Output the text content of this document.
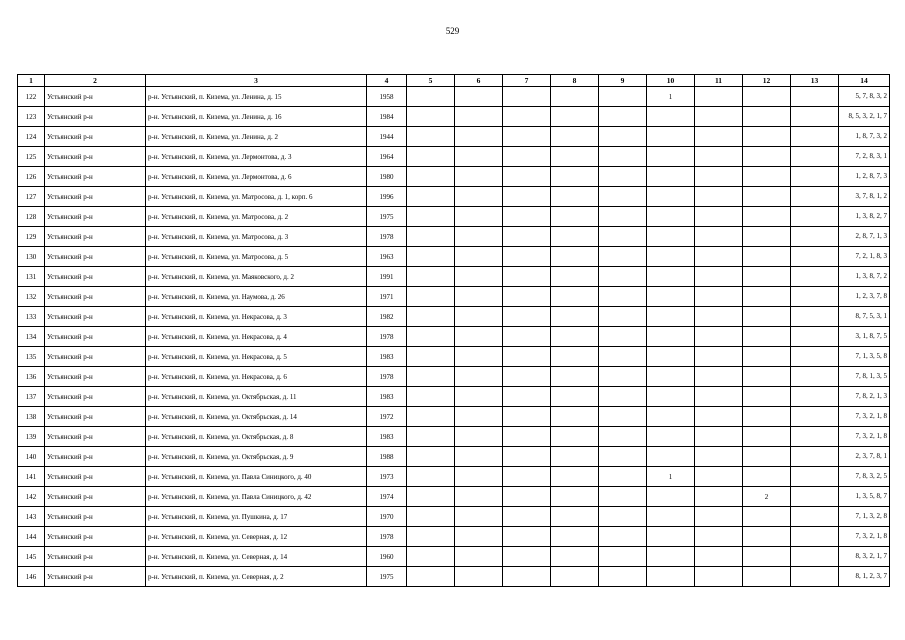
529
1	2	3	4	5	6	7	8	9	10	11	12	13	14
122	Устьянский р-н	р-н. Устьянский, п. Кизема, ул. Ленина, д. 15	1958						1				5, 7, 8, 3, 2
123	Устьянский р-н	р-н. Устьянский, п. Кизема, ул. Ленина, д. 16	1984										8, 5, 3, 2, 1, 7
124	Устьянский р-н	р-н. Устьянский, п. Кизема, ул. Ленина, д. 2	1944										1, 8, 7, 3, 2
125	Устьянский р-н	р-н. Устьянский, п. Кизема, ул. Лермонтова, д. 3	1964										7, 2, 8, 3, 1
126	Устьянский р-н	р-н. Устьянский, п. Кизема, ул. Лермонтова, д. 6	1980										1, 2, 8, 7, 3
127	Устьянский р-н	р-н. Устьянский, п. Кизема, ул. Матросова, д. 1, корп. 6	1996										3, 7, 8, 1, 2
128	Устьянский р-н	р-н. Устьянский, п. Кизема, ул. Матросова, д. 2	1975										1, 3, 8, 2, 7
129	Устьянский р-н	р-н. Устьянский, п. Кизема, ул. Матросова, д. 3	1978										2, 8, 7, 1, 3
130	Устьянский р-н	р-н. Устьянский, п. Кизема, ул. Матросова, д. 5	1963										7, 2, 1, 8, 3
131	Устьянский р-н	р-н. Устьянский, п. Кизема, ул. Маяковского, д. 2	1991										1, 3, 8, 7, 2
132	Устьянский р-н	р-н. Устьянский, п. Кизема, ул. Наумова, д. 26	1971										1, 2, 3, 7, 8
133	Устьянский р-н	р-н. Устьянский, п. Кизема, ул. Некрасова, д. 3	1982										8, 7, 5, 3, 1
134	Устьянский р-н	р-н. Устьянский, п. Кизема, ул. Некрасова, д. 4	1978										3, 1, 8, 7, 5
135	Устьянский р-н	р-н. Устьянский, п. Кизема, ул. Некрасова, д. 5	1983										7, 1, 3, 5, 8
136	Устьянский р-н	р-н. Устьянский, п. Кизема, ул. Некрасова, д. 6	1978										7, 8, 1, 3, 5
137	Устьянский р-н	р-н. Устьянский, п. Кизема, ул. Октябрьская, д. 11	1983										7, 8, 2, 1, 3
138	Устьянский р-н	р-н. Устьянский, п. Кизема, ул. Октябрьская, д. 14	1972										7, 3, 2, 1, 8
139	Устьянский р-н	р-н. Устьянский, п. Кизема, ул. Октябрьская, д. 8	1983										7, 3, 2, 1, 8
140	Устьянский р-н	р-н. Устьянский, п. Кизема, ул. Октябрьская, д. 9	1988										2, 3, 7, 8, 1
141	Устьянский р-н	р-н. Устьянский, п. Кизема, ул. Павла Синицкого, д. 40	1973						1				7, 8, 3, 2, 5
142	Устьянский р-н	р-н. Устьянский, п. Кизема, ул. Павла Синицкого, д. 42	1974								2		1, 3, 5, 8, 7
143	Устьянский р-н	р-н. Устьянский, п. Кизема, ул. Пушкина, д. 17	1970										7, 1, 3, 2, 8
144	Устьянский р-н	р-н. Устьянский, п. Кизема, ул. Северная, д. 12	1978										7, 3, 2, 1, 8
145	Устьянский р-н	р-н. Устьянский, п. Кизема, ул. Северная, д. 14	1960										8, 3, 2, 1, 7
146	Устьянский р-н	р-н. Устьянский, п. Кизема, ул. Северная, д. 2	1975										8, 1, 2, 3, 7
